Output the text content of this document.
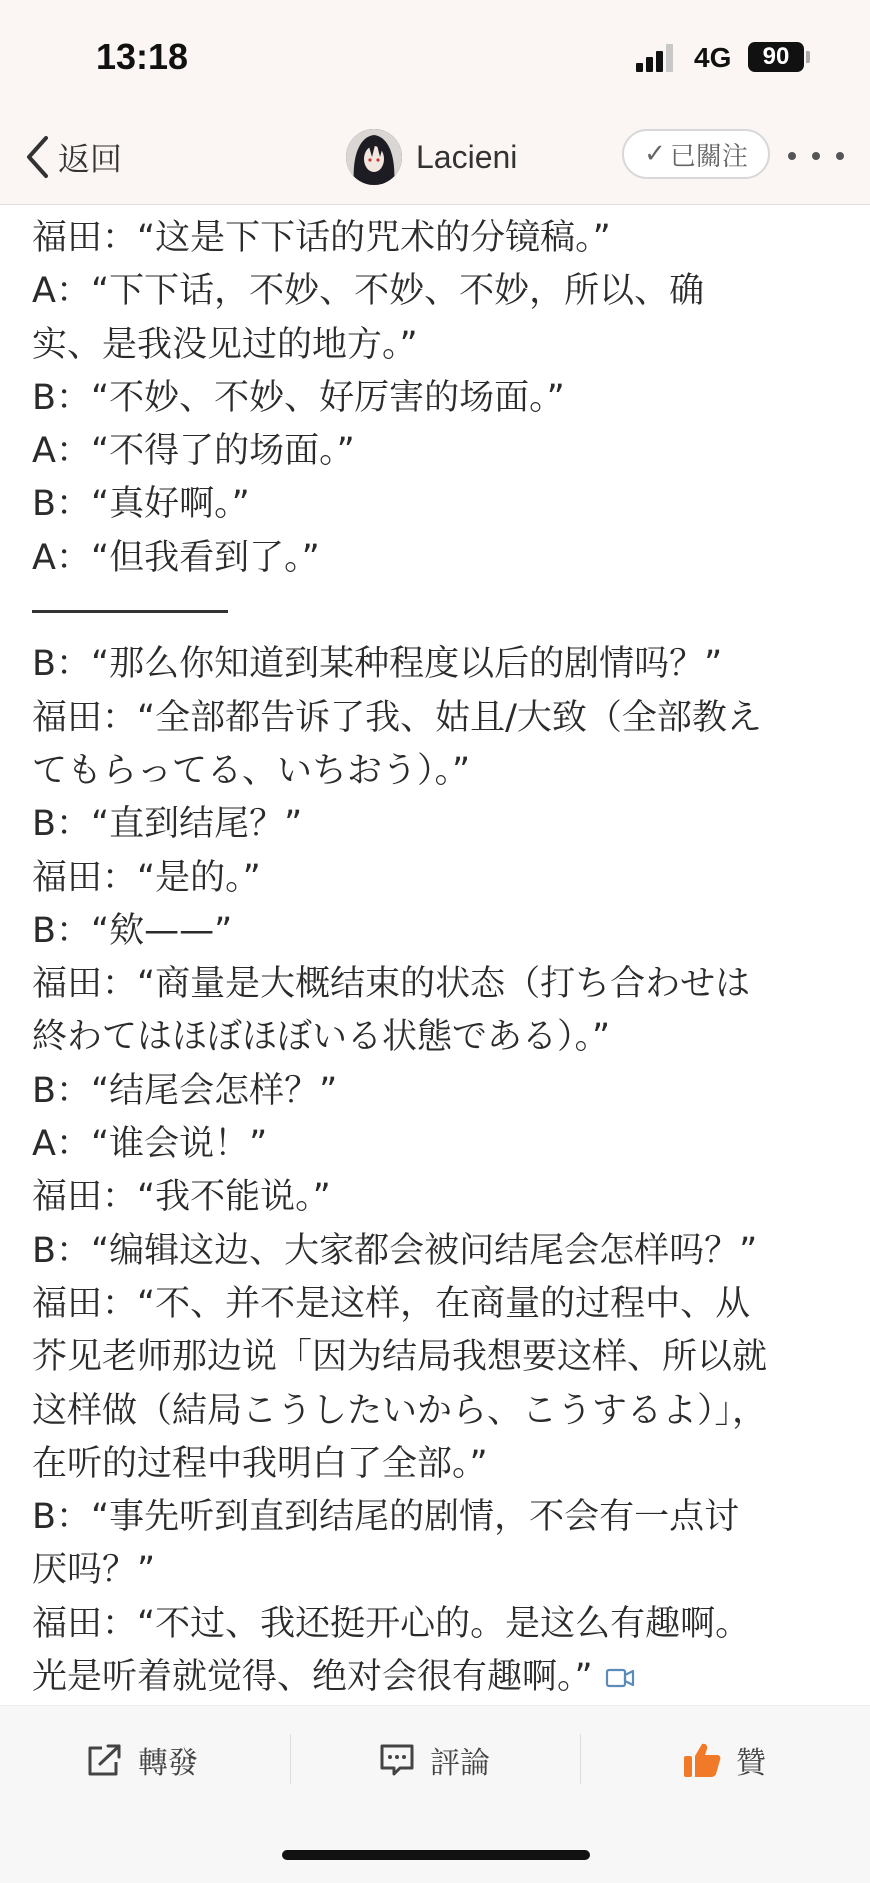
13:18	4G	90
返回	Lacieni	✓ 已關注

福田：“这是下下话的咒术的分镜稿。”

A：“下下话，不妙、不妙、不妙，所以、确

实、是我没见过的地方。”

B：“不妙、不妙、好厉害的场面。”

A：“不得了的场面。”

B：“真好啊。”

A：“但我看到了。”

B：“那么你知道到某种程度以后的剧情吗？”

福田：“全部都告诉了我、姑且/大致（全部教え

てもらってる、いちおう）。”

B：“直到结尾？”

福田：“是的。”

B：“欸——”

福田：“商量是大概结束的状态（打ち合わせは

終わてはほぼほぼいる状態である）。”

B：“结尾会怎样？”

A：“谁会说！”

福田：“我不能说。”

B：“编辑这边、大家都会被问结尾会怎样吗？”

福田：“不、并不是这样，在商量的过程中、从

芥见老师那边说「因为结局我想要这样、所以就

这样做（結局こうしたいから、こうするよ）」，

在听的过程中我明白了全部。”

B：“事先听到直到结尾的剧情，不会有一点讨

厌吗？”

福田：“不过、我还挺开心的。是这么有趣啊。

光是听着就觉得、绝对会很有趣啊。”

轉發	評論	贊
